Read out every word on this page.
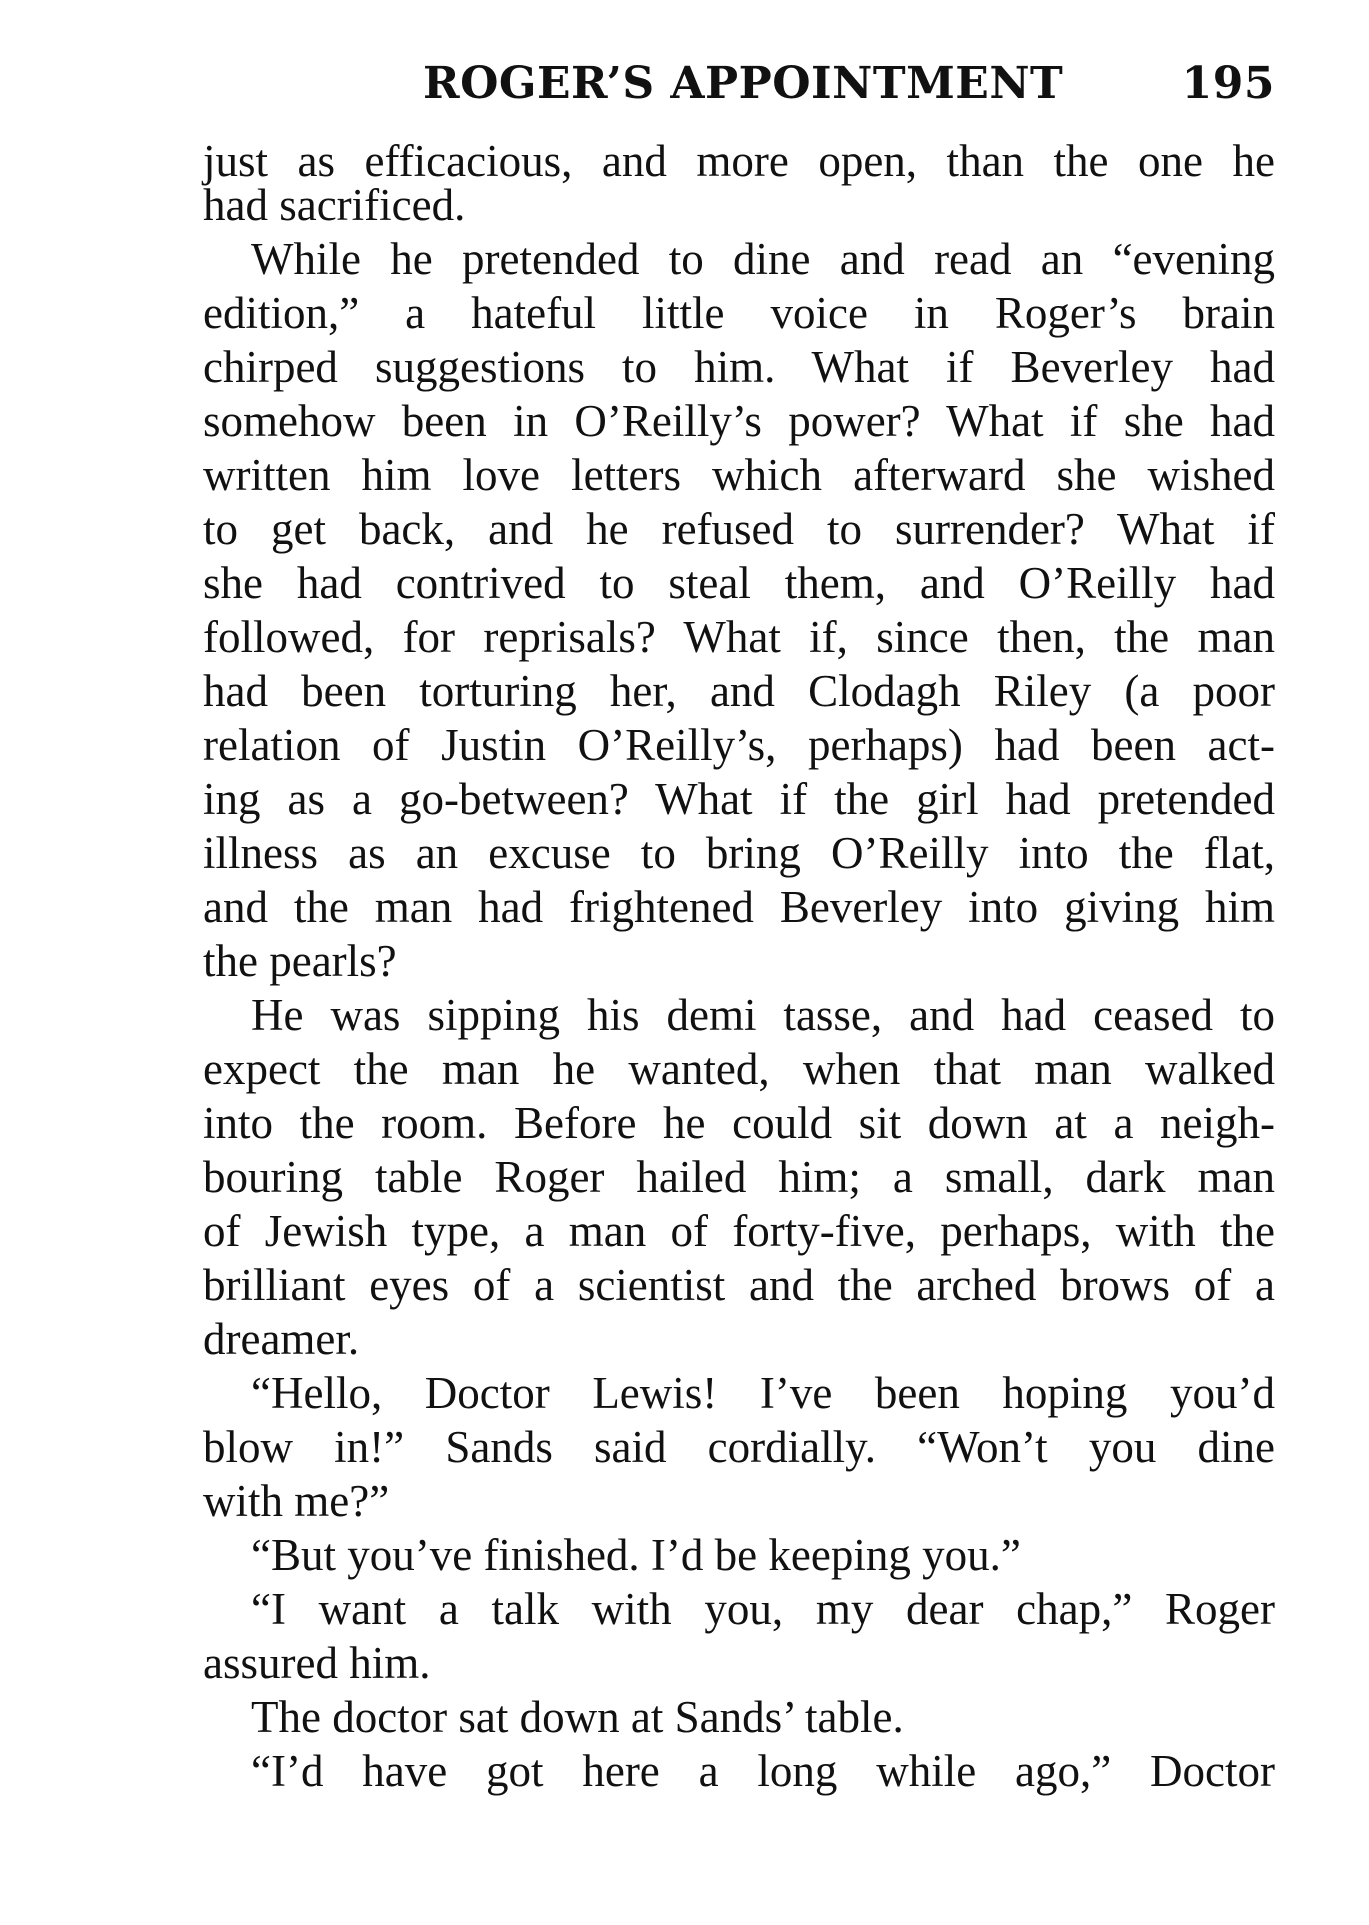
ROGER’S APPOINTMENT	195
just as efficacious, and more open, than the one he
had sacrificed.
While he pretended to dine and read an “evening
edition,” a hateful little voice in Roger’s brain
chirped suggestions to him. What if Beverley had
somehow been in O’Reilly’s power? What if she had
written him love letters which afterward she wished
to get back, and he refused to surrender? What if
she had contrived to steal them, and O’Reilly had
followed, for reprisals? What if, since then, the man
had been torturing her, and Clodagh Riley (a poor
relation of Justin O’Reilly’s, perhaps) had been act-
ing as a go-between? What if the girl had pretended
illness as an excuse to bring O’Reilly into the flat,
and the man had frightened Beverley into giving him
the pearls?
He was sipping his demi tasse, and had ceased to
expect the man he wanted, when that man walked
into the room. Before he could sit down at a neigh-
bouring table Roger hailed him; a small, dark man
of Jewish type, a man of forty-five, perhaps, with the
brilliant eyes of a scientist and the arched brows of a
dreamer.
“Hello, Doctor Lewis! I’ve been hoping you’d
blow in!” Sands said cordially. “Won’t you dine
with me?”
“But you’ve finished. I’d be keeping you.”
“I want a talk with you, my dear chap,” Roger
assured him.
The doctor sat down at Sands’ table.
“I’d have got here a long while ago,” Doctor
